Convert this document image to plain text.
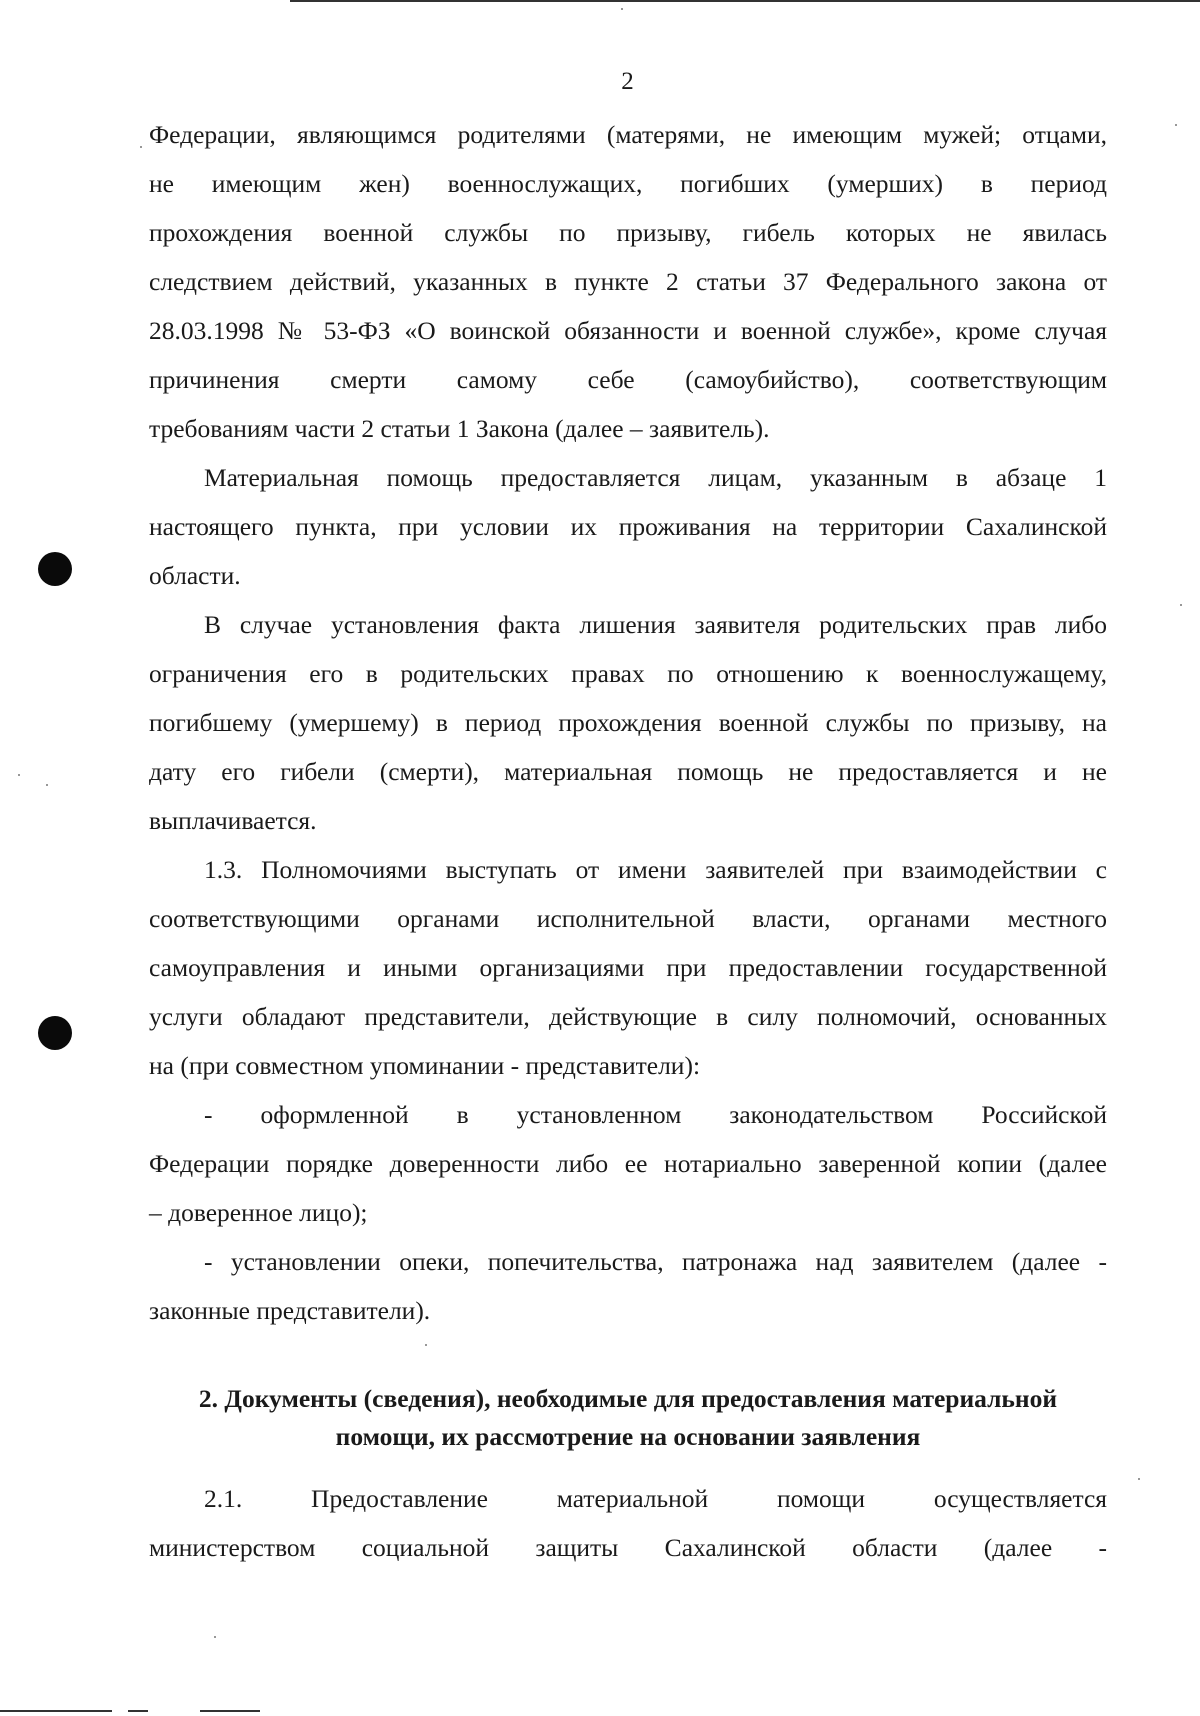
2
Федерации, являющимся родителями (матерями, не имеющим мужей; отцами,
не имеющим жен) военнослужащих, погибших (умерших) в период
прохождения военной службы по призыву, гибель которых не явилась
следствием действий, указанных в пункте 2 статьи 37 Федерального закона от
28.03.1998 № 53-ФЗ «О воинской обязанности и военной службе», кроме случая
причинения смерти самому себе (самоубийство), соответствующим
требованиям части 2 статьи 1 Закона (далее – заявитель).
Материальная помощь предоставляется лицам, указанным в абзаце 1
настоящего пункта, при условии их проживания на территории Сахалинской
области.
В случае установления факта лишения заявителя родительских прав либо
ограничения его в родительских правах по отношению к военнослужащему,
погибшему (умершему) в период прохождения военной службы по призыву, на
дату его гибели (смерти), материальная помощь не предоставляется и не
выплачивается.
1.3. Полномочиями выступать от имени заявителей при взаимодействии с
соответствующими органами исполнительной власти, органами местного
самоуправления и иными организациями при предоставлении государственной
услуги обладают представители, действующие в силу полномочий, основанных
на (при совместном упоминании - представители):
- оформленной в установленном законодательством Российской
Федерации порядке доверенности либо ее нотариально заверенной копии (далее
– доверенное лицо);
- установлении опеки, попечительства, патронажа над заявителем (далее -
законные представители).
2. Документы (сведения), необходимые для предоставления материальной
помощи, их рассмотрение на основании заявления
2.1. Предоставление материальной помощи осуществляется
министерством социальной защиты Сахалинской области (далее -
